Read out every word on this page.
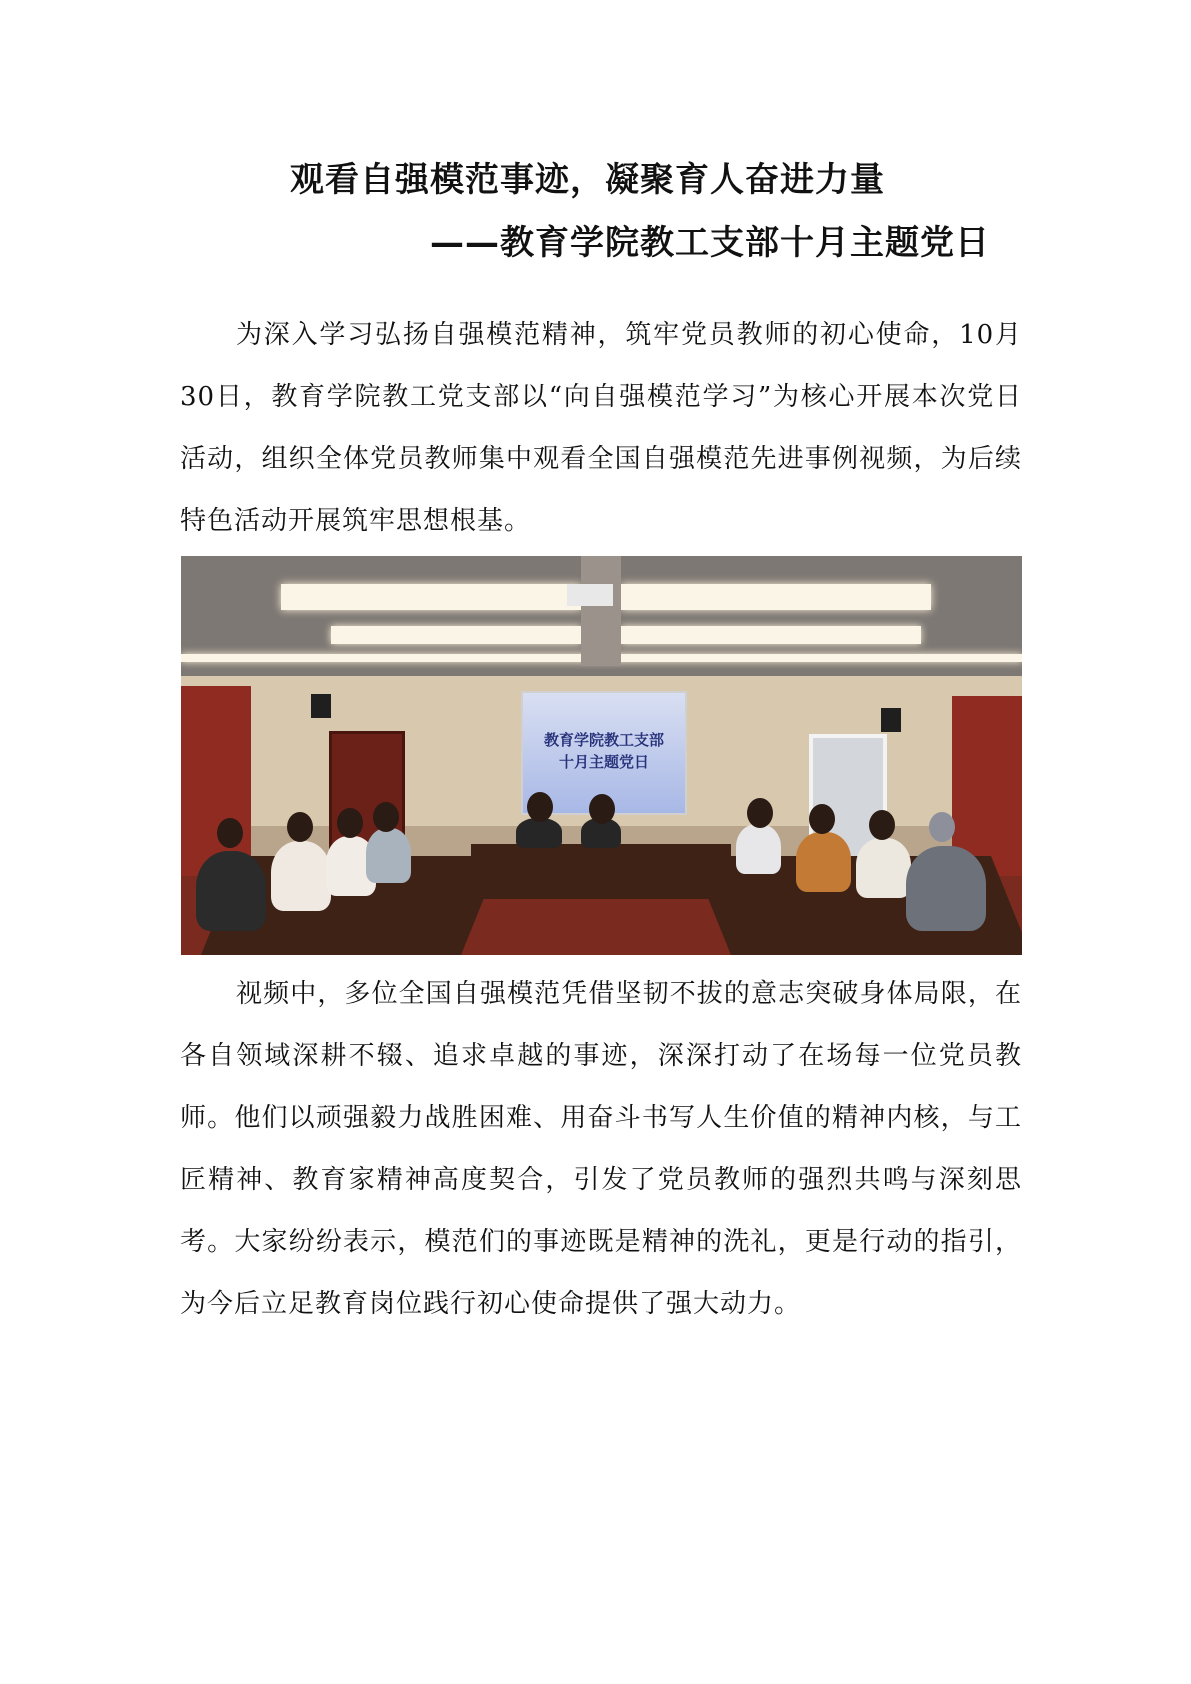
观看自强模范事迹，凝聚育人奋进力量
——教育学院教工支部十月主题党日

为深入学习弘扬自强模范精神，筑牢党员教师的初心使命，10月30日，教育学院教工党支部以“向自强模范学习”为核心开展本次党日活动，组织全体党员教师集中观看全国自强模范先进事例视频，为后续特色活动开展筑牢思想根基。

教育学院教工支部
十月主题党日

视频中，多位全国自强模范凭借坚韧不拔的意志突破身体局限，在各自领域深耕不辍、追求卓越的事迹，深深打动了在场每一位党员教师。他们以顽强毅力战胜困难、用奋斗书写人生价值的精神内核，与工匠精神、教育家精神高度契合，引发了党员教师的强烈共鸣与深刻思考。大家纷纷表示，模范们的事迹既是精神的洗礼，更是行动的指引，为今后立足教育岗位践行初心使命提供了强大动力。
